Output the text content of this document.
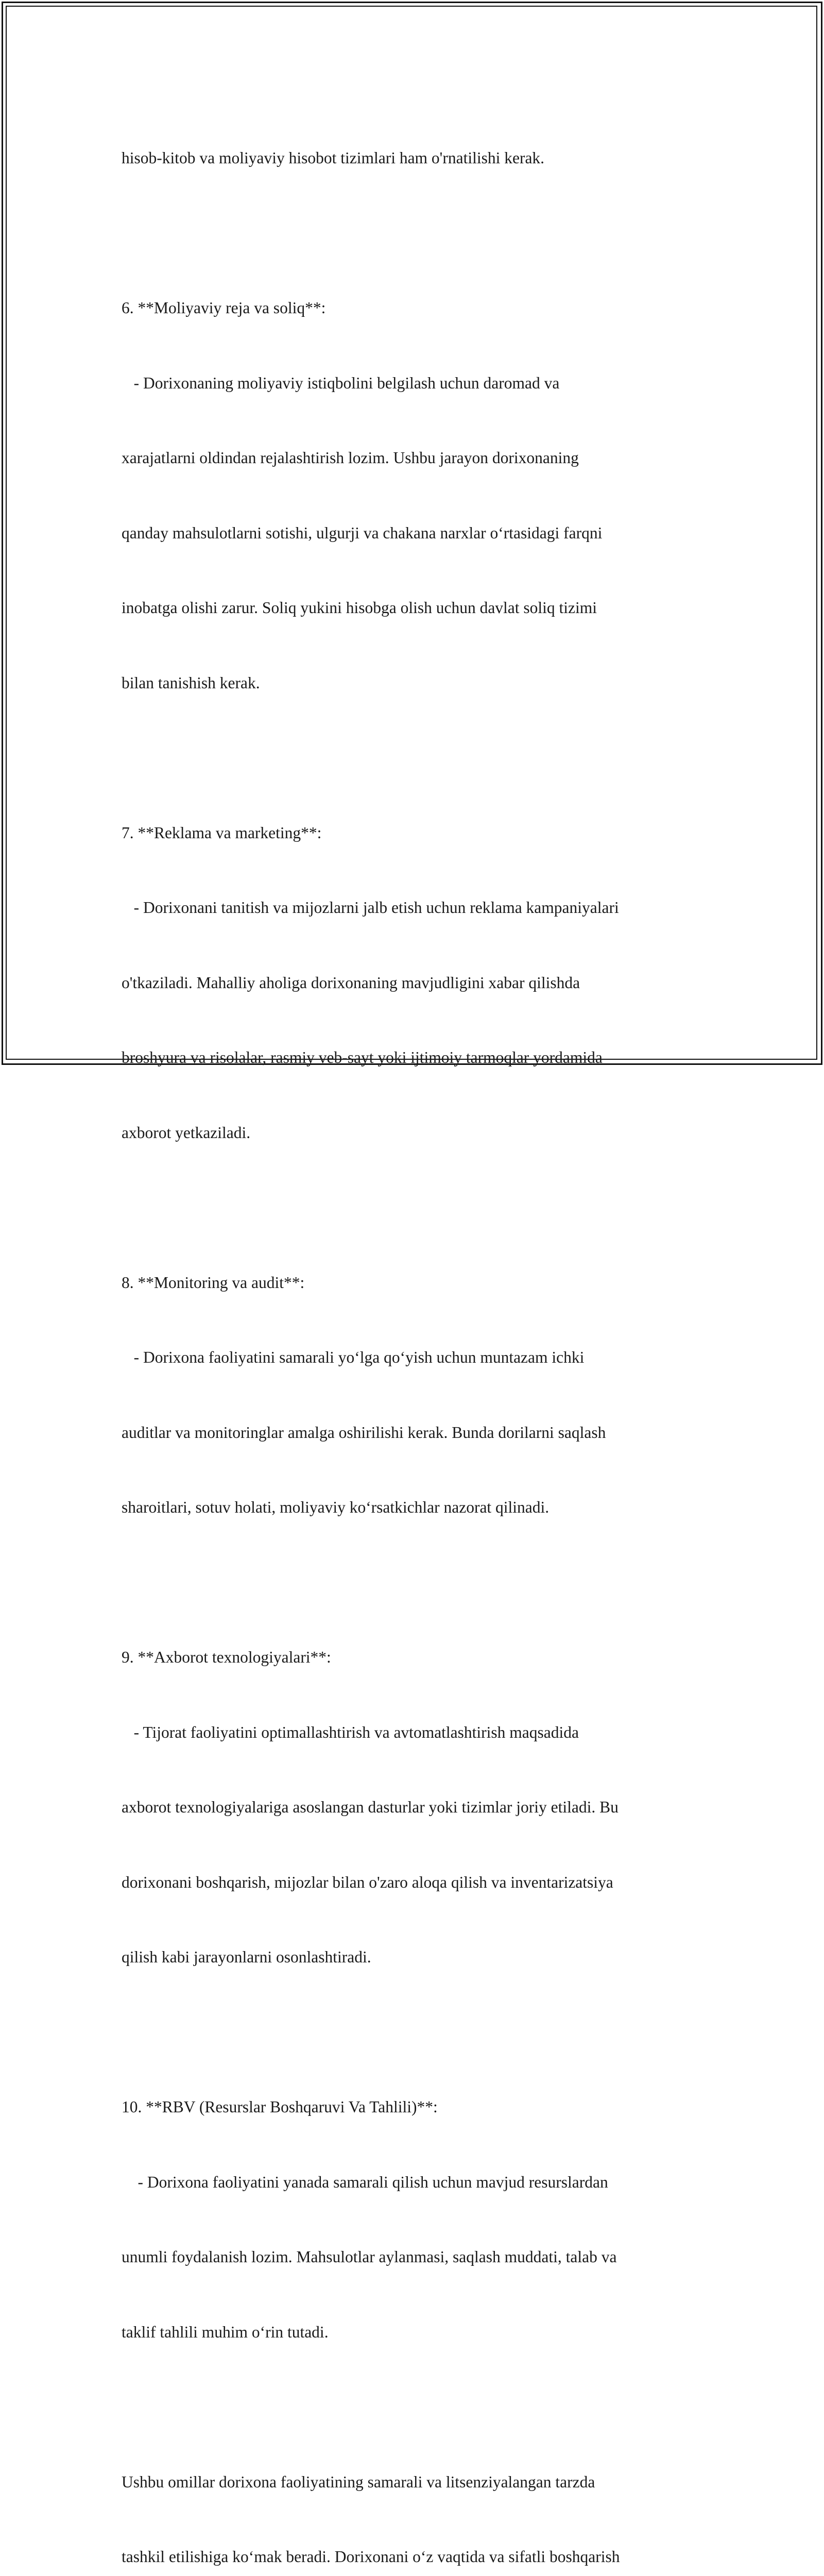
hisob-kitob va moliyaviy hisobot tizimlari ham o'rnatilishi kerak.

6. **Moliyaviy reja va soliq**:

- Dorixonaning moliyaviy istiqbolini belgilash uchun daromad va

xarajatlarni oldindan rejalashtirish lozim. Ushbu jarayon dorixonaning

qanday mahsulotlarni sotishi, ulgurji va chakana narxlar o‘rtasidagi farqni

inobatga olishi zarur. Soliq yukini hisobga olish uchun davlat soliq tizimi

bilan tanishish kerak.

7. **Reklama va marketing**:

- Dorixonani tanitish va mijozlarni jalb etish uchun reklama kampaniyalari

o'tkaziladi. Mahalliy aholiga dorixonaning mavjudligini xabar qilishda

broshyura va risolalar, rasmiy veb-sayt yoki ijtimoiy tarmoqlar yordamida

axborot yetkaziladi.

8. **Monitoring va audit**:

- Dorixona faoliyatini samarali yo‘lga qo‘yish uchun muntazam ichki

auditlar va monitoringlar amalga oshirilishi kerak. Bunda dorilarni saqlash

sharoitlari, sotuv holati, moliyaviy ko‘rsatkichlar nazorat qilinadi.

9. **Axborot texnologiyalari**:

- Tijorat faoliyatini optimallashtirish va avtomatlashtirish maqsadida

axborot texnologiyalariga asoslangan dasturlar yoki tizimlar joriy etiladi. Bu

dorixonani boshqarish, mijozlar bilan o'zaro aloqa qilish va inventarizatsiya

qilish kabi jarayonlarni osonlashtiradi.

10. **RBV (Resurslar Boshqaruvi Va Tahlili)**:

- Dorixona faoliyatini yanada samarali qilish uchun mavjud resurslardan

unumli foydalanish lozim. Mahsulotlar aylanmasi, saqlash muddati, talab va

taklif tahlili muhim o‘rin tutadi.

Ushbu omillar dorixona faoliyatining samarali va litsenziyalangan tarzda

tashkil etilishiga ko‘mak beradi. Dorixonani o‘z vaqtida va sifatli boshqarish
